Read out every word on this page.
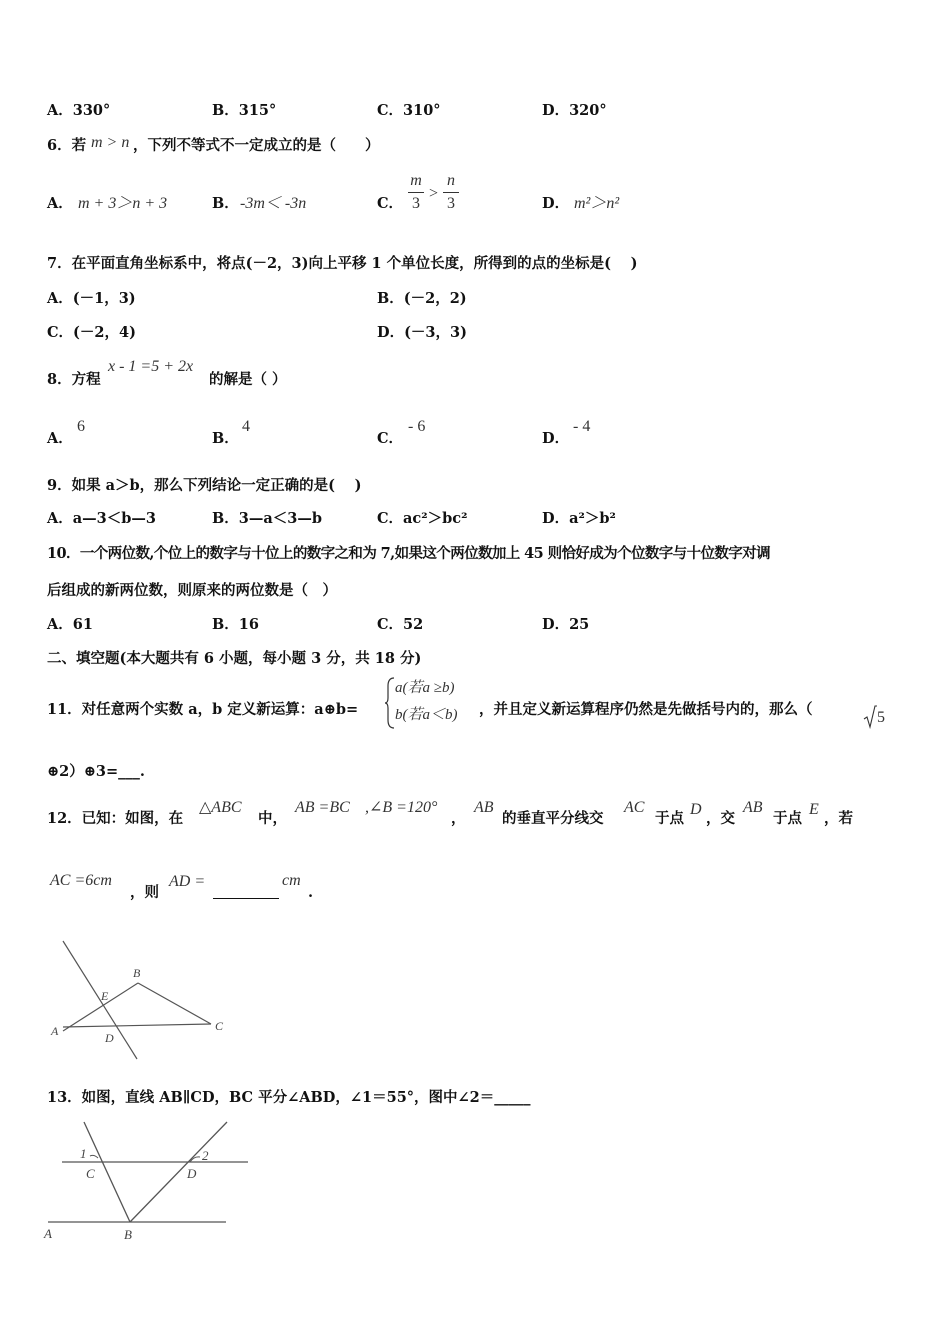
A．330°	B．315°	C．310°	D．320°
6．若 m > n ，下列不等式不一定成立的是（　　）
A． m + 3＞n + 3	B． -3m＜ -3n	C．
m
3
>
n
3	D． m²＞n²
7．在平面直角坐标系中，将点(－2，3)向上平移 1 个单位长度，所得到的点的坐标是(　 )
A．(－1，3)	B．(－2，2)
C．(－2，4)	D．(－3，3)
8．方程
x - 1 =5 + 2x
的解是（ ）
A．
6
B．
4
C．
- 6
D．
- 4
9．如果 a＞b，那么下列结论一定正确的是(　 )
A．a—3＜b—3	B．3—a＜3—b	C．ac²＞bc²	D．a²＞b²
10．一个两位数,个位上的数字与十位上的数字之和为 7,如果这个两位数加上 45 则恰好成为个位数字与十位数字对调
后组成的新两位数，则原来的两位数是（　）
A．61	B．16	C．52	D．25
二、填空题(本大题共有 6 小题，每小题 3 分，共 18 分)
11．对任意两个实数 a，b 定义新运算：a⊕b=
a(若a ≥b)
b(若a＜b) ，并且定义新运算程序仍然是先做括号内的，那么（	5
⊕2）⊕3=___.
12．已知：如图，在
△ABC
中，
AB =BC ,∠B =120°
，
AB
的垂直平分线交
AC
于点
D
，交
AB
于点
E
，若
AC =6cm
，则
AD =	cm
.
B
E
A	C
D
13．如图，直线 AB∥CD，BC 平分∠ABD，∠1＝55°，图中∠2＝_____
1	2
C	D
A	B
